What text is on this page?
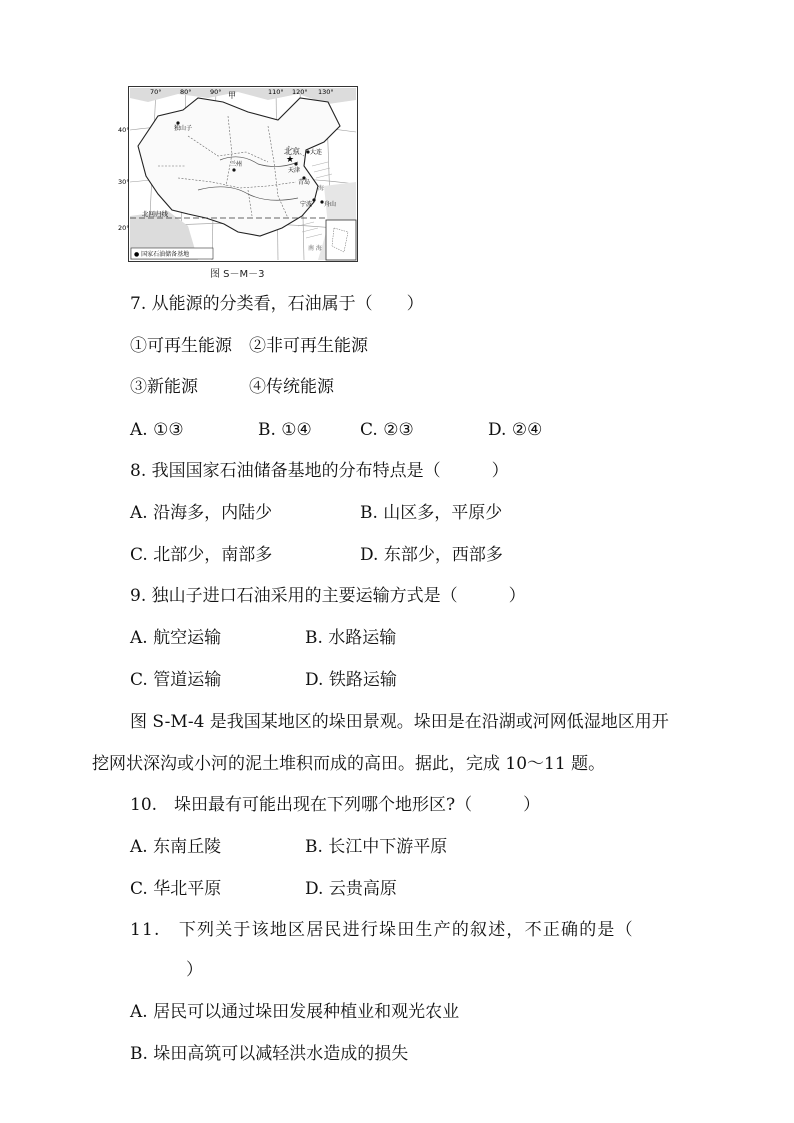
70°	80°	90°	110° 120° 130°
40°
30°
20°
甲
★
北京
独山子
兰州
天津
大连
青岛
宁波 舟山
海
南 海
北回归线
● 国家石油储备基地
图 S－M－3
7. 从能源的分类看，石油属于（　　）
①可再生能源　②非可再生能源
③新能源　　　④传统能源
A. ①③	B. ①④	C. ②③	D. ②④
8. 我国国家石油储备基地的分布特点是（　　　）
A. 沿海多，内陆少	B. 山区多，平原少
C. 北部少，南部多	D. 东部少，西部多
9. 独山子进口石油采用的主要运输方式是（　　　）
A. 航空运输	B. 水路运输
C. 管道运输	D. 铁路运输
图 S-M-4 是我国某地区的垛田景观。垛田是在沿湖或河网低湿地区用开
挖网状深沟或小河的泥土堆积而成的高田。据此，完成 10～11 题。
10.　垛田最有可能出现在下列哪个地形区?（　　　）
A. 东南丘陵	B. 长江中下游平原
C. 华北平原	D. 云贵高原
11.　下列关于该地区居民进行垛田生产的叙述，不正确的是（
）
A. 居民可以通过垛田发展种植业和观光农业
B. 垛田高筑可以减轻洪水造成的损失
